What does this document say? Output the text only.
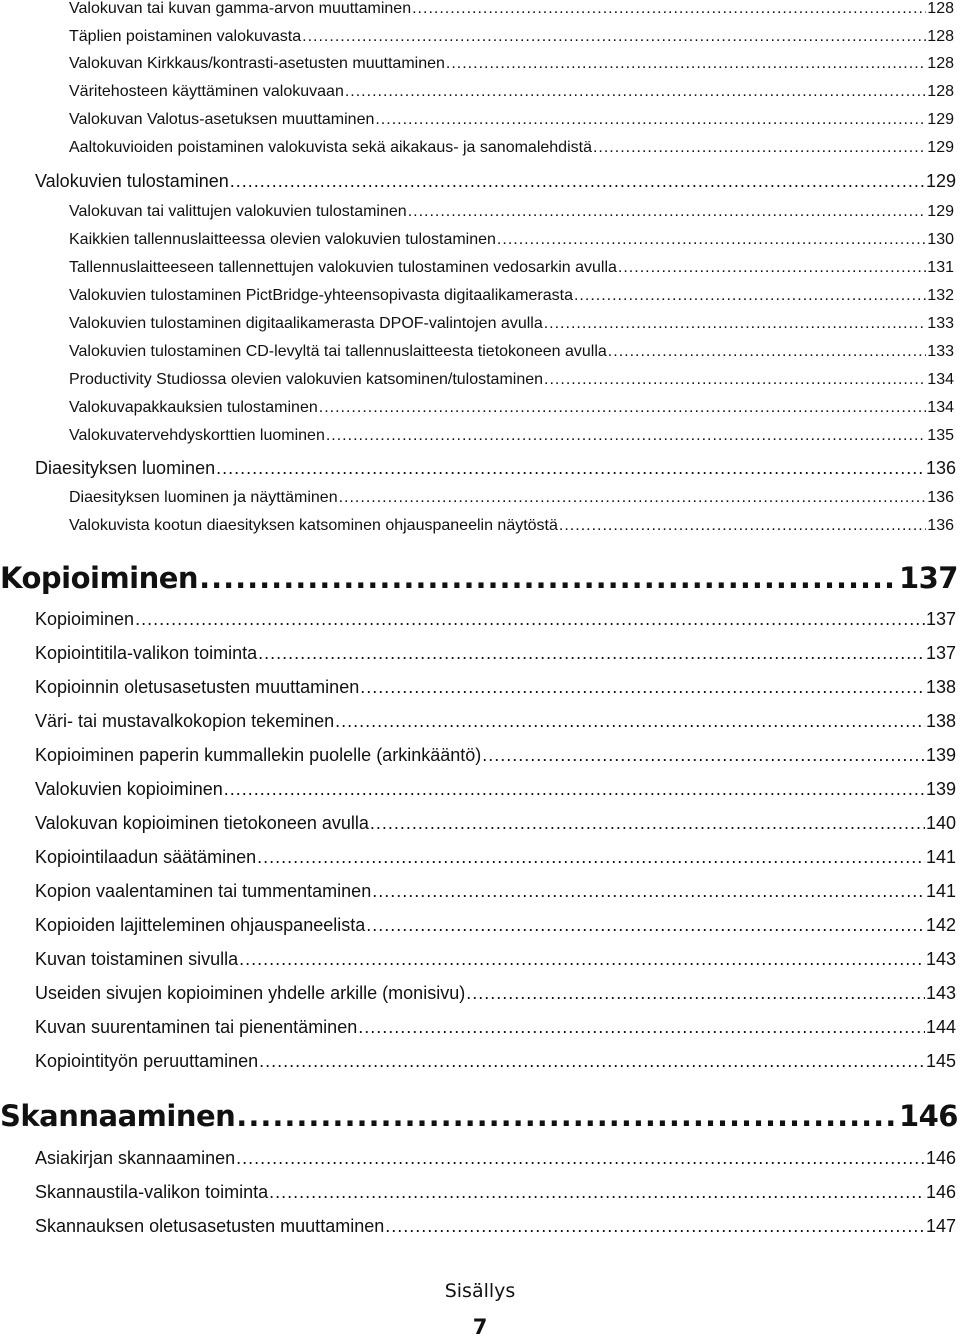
Valokuvan tai kuvan gamma-arvon muuttaminen .....	128
Täplien poistaminen valokuvasta .....	128
Valokuvan Kirkkaus/kontrasti-asetusten muuttaminen .....	128
Väritehosteen käyttäminen valokuvaan .....	128
Valokuvan Valotus-asetuksen muuttaminen .....	129
Aaltokuvioiden poistaminen valokuvista sekä aikakaus- ja sanomalehdistä .....	129
Valokuvien tulostaminen .....	129
Valokuvan tai valittujen valokuvien tulostaminen .....	129
Kaikkien tallennuslaitteessa olevien valokuvien tulostaminen .....	130
Tallennuslaitteeseen tallennettujen valokuvien tulostaminen vedosarkin avulla .....	131
Valokuvien tulostaminen PictBridge-yhteensopivasta digitaalikamerasta .....	132
Valokuvien tulostaminen digitaalikamerasta DPOF-valintojen avulla .....	133
Valokuvien tulostaminen CD-levyltä tai tallennuslaitteesta tietokoneen avulla .....	133
Productivity Studiossa olevien valokuvien katsominen/tulostaminen .....	134
Valokuvapakkauksien tulostaminen .....	134
Valokuvatervehdyskorttien luominen .....	135
Diaesityksen luominen .....	136
Diaesityksen luominen ja näyttäminen .....	136
Valokuvista kootun diaesityksen katsominen ohjauspaneelin näytöstä .....	136
Kopioiminen .....	137
Kopioiminen .....	137
Kopiointitila-valikon toiminta .....	137
Kopioinnin oletusasetusten muuttaminen .....	138
Väri- tai mustavalkokopion tekeminen .....	138
Kopioiminen paperin kummallekin puolelle (arkinkääntö) .....	139
Valokuvien kopioiminen .....	139
Valokuvan kopioiminen tietokoneen avulla .....	140
Kopiointilaadun säätäminen .....	141
Kopion vaalentaminen tai tummentaminen .....	141
Kopioiden lajitteleminen ohjauspaneelista .....	142
Kuvan toistaminen sivulla .....	143
Useiden sivujen kopioiminen yhdelle arkille (monisivu) .....	143
Kuvan suurentaminen tai pienentäminen .....	144
Kopiointityön peruuttaminen .....	145
Skannaaminen .....	146
Asiakirjan skannaaminen .....	146
Skannaustila-valikon toiminta .....	146
Skannauksen oletusasetusten muuttaminen .....	147
Sisällys
7
